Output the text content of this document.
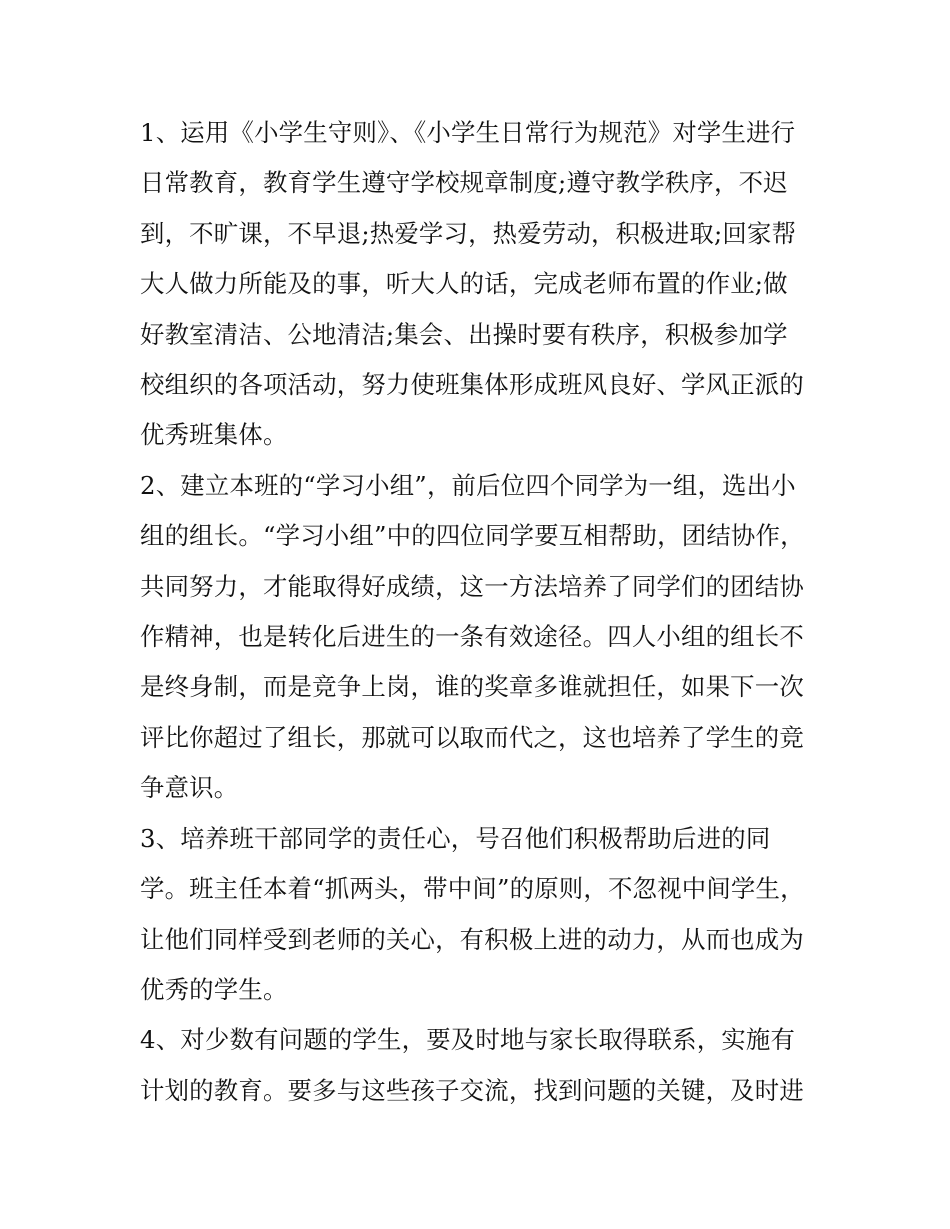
1、运用《小学生守则》、《小学生日常行为规范》对学生进行日常教育，教育学生遵守学校规章制度;遵守教学秩序，不迟到，不旷课，不早退;热爱学习，热爱劳动，积极进取;回家帮大人做力所能及的事，听大人的话，完成老师布置的作业;做好教室清洁、公地清洁;集会、出操时要有秩序，积极参加学校组织的各项活动，努力使班集体形成班风良好、学风正派的优秀班集体。

2、建立本班的“学习小组”，前后位四个同学为一组，选出小组的组长。“学习小组”中的四位同学要互相帮助，团结协作，共同努力，才能取得好成绩，这一方法培养了同学们的团结协作精神，也是转化后进生的一条有效途径。四人小组的组长不是终身制，而是竞争上岗，谁的奖章多谁就担任，如果下一次评比你超过了组长，那就可以取而代之，这也培养了学生的竞争意识。

3、培养班干部同学的责任心，号召他们积极帮助后进的同学。班主任本着“抓两头，带中间”的原则，不忽视中间学生，让他们同样受到老师的关心，有积极上进的动力，从而也成为优秀的学生。

4、对少数有问题的学生，要及时地与家长取得联系，实施有计划的教育。要多与这些孩子交流，找到问题的关键，及时进
